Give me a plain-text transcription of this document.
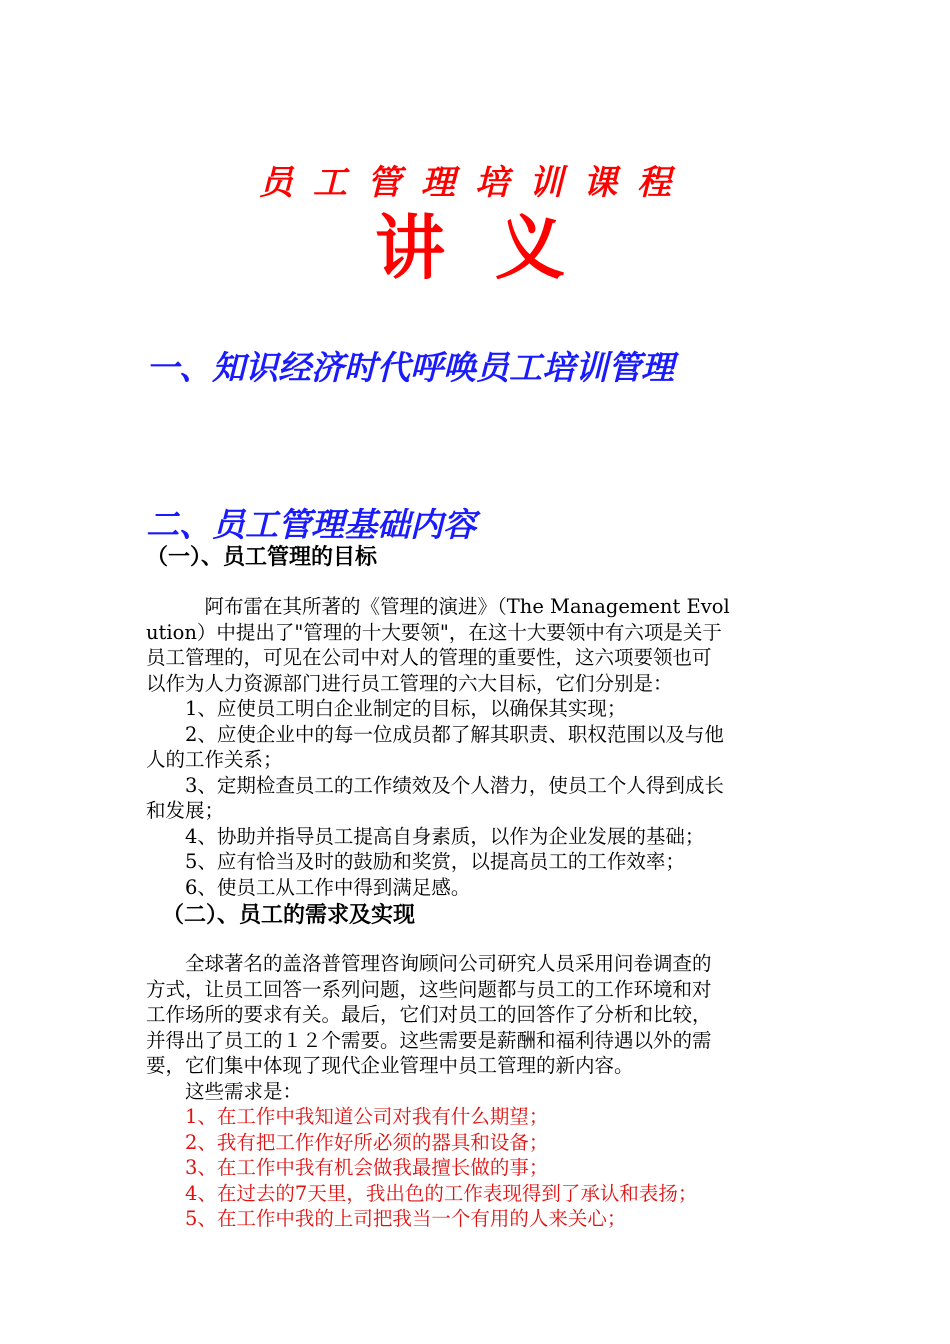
员工管理培训课程
讲义
一、知识经济时代呼唤员工培训管理
二、员工管理基础内容
（一）、员工管理的目标
　　　阿布雷在其所著的《管理的演进》（The Management Evol
ution）中提出了"管理的十大要领"，在这十大要领中有六项是关于
员工管理的，可见在公司中对人的管理的重要性，这六项要领也可
以作为人力资源部门进行员工管理的六大目标，它们分别是：
　　1、应使员工明白企业制定的目标，以确保其实现；
　　2、应使企业中的每一位成员都了解其职责、职权范围以及与他
人的工作关系；
　　3、定期检查员工的工作绩效及个人潜力，使员工个人得到成长
和发展；
　　4、协助并指导员工提高自身素质，以作为企业发展的基础；
　　5、应有恰当及时的鼓励和奖赏，以提高员工的工作效率；
　　6、使员工从工作中得到满足感。
（二）、员工的需求及实现
　　全球著名的盖洛普管理咨询顾问公司研究人员采用问卷调查的
方式，让员工回答一系列问题，这些问题都与员工的工作环境和对
工作场所的要求有关。最后，它们对员工的回答作了分析和比较，
并得出了员工的１２个需要。这些需要是薪酬和福利待遇以外的需
要，它们集中体现了现代企业管理中员工管理的新内容。
　　这些需求是：
　　1、在工作中我知道公司对我有什么期望；
　　2、我有把工作作好所必须的器具和设备；
　　3、在工作中我有机会做我最擅长做的事；
　　4、在过去的7天里，我出色的工作表现得到了承认和表扬；
　　5、在工作中我的上司把我当一个有用的人来关心；
